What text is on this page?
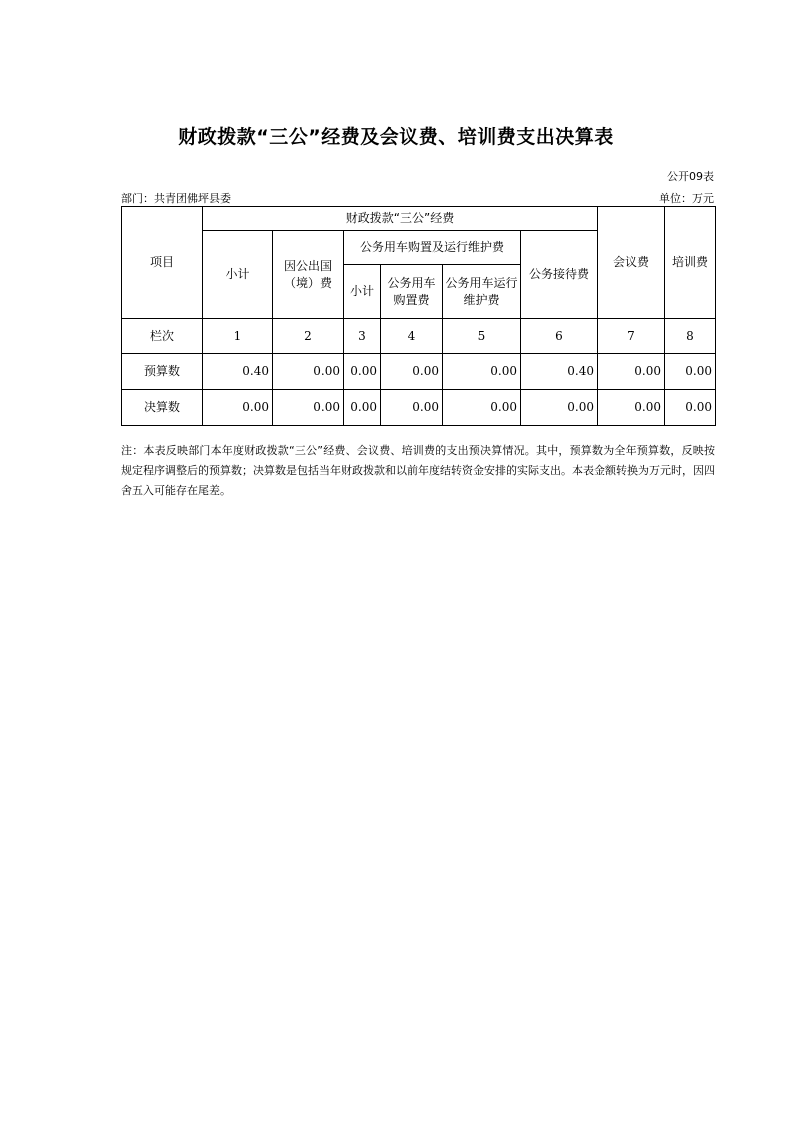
财政拨款“三公”经费及会议费、培训费支出决算表
公开09表
部门：共青团佛坪县委	单位：万元
项目	财政拨款“三公”经费						会议费	培训费
	小计	因公出国（境）费	公务用车购置及运行维护费			公务接待费		
			小计	公务用车购置费	公务用车运行维护费			

栏次	1	2	3	4	5	6	7	8
预算数	0.40	0.00	0.00	0.00	0.00	0.40	0.00	0.00
决算数	0.00	0.00	0.00	0.00	0.00	0.00	0.00	0.00
注：本表反映部门本年度财政拨款“三公”经费、会议费、培训费的支出预决算情况。其中，预算数为全年预算数，反映按规定程序调整后的预算数；决算数是包括当年财政拨款和以前年度结转资金安排的实际支出。本表金额转换为万元时，因四舍五入可能存在尾差。
